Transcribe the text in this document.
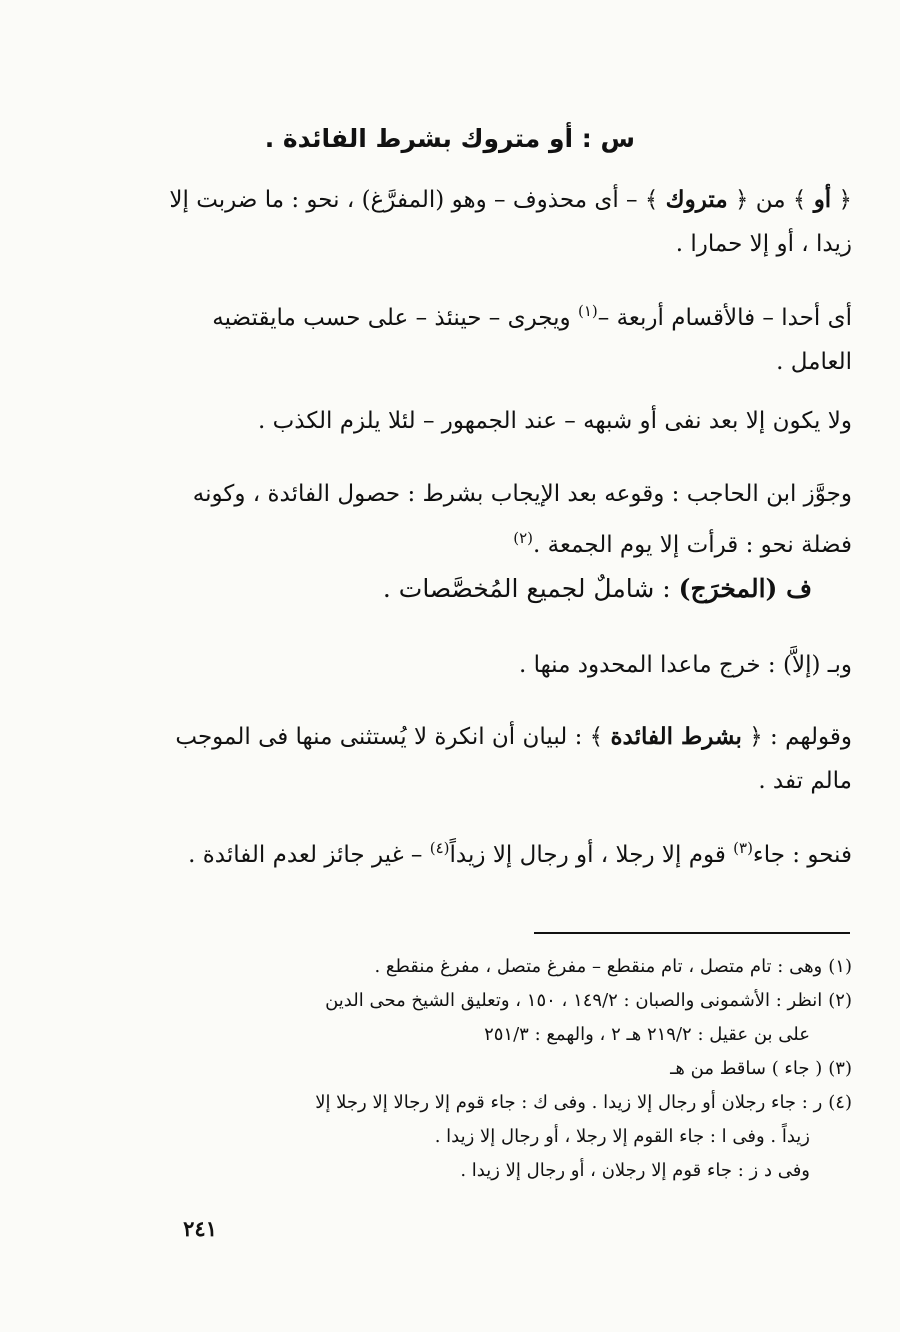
س : أو متروك بشرط الفائدة .

﴿ أو ﴾ من ﴿ متروك ﴾ – أى محذوف – وهو (المفرَّغ) ، نحو : ما ضربت إلا زيدا ، أو إلا حمارا .

أى أحدا – فالأقسام أربعة –$^{(١)}$ ويجرى – حينئذ – على حسب مايقتضيه العامل .

ولا يكون إلا بعد نفى أو شبهه – عند الجمهور – لئلا يلزم الكذب .

وجوَّز ابن الحاجب : وقوعه بعد الإيجاب بشرط : حصول الفائدة ، وكونه فضلة نحو : قرأت إلا يوم الجمعة .$^{(٢)}$

ف (المخرَج) : شاملٌ لجميع المُخصَّصات .

وبـ (إلاَّ) : خرج ماعدا المحدود منها .

وقولهم : ﴿ بشرط الفائدة ﴾ : لبيان أن انكرة لا يُستثنى منها فى الموجب مالم تفد .

فنحو : جاء$^{(٣)}$ قوم إلا رجلا ، أو رجال إلا زيداً$^{(٤)}$ – غير جائز لعدم الفائدة .

(١)وهى : تام متصل ، تام منقطع – مفرغ متصل ، مفرغ منقطع .

(٢)انظر : الأشمونى والصبان : ١٤٩/٢ ، ١٥٠ ، وتعليق الشيخ محى الدين

على بن عقيل : ٢١٩/٢ هـ ٢ ، والهمع : ٢٥١/٣

(٣)( جاء ) ساقط من هـ

(٤)ر : جاء رجلان أو رجال إلا زيدا . وفى ك : جاء قوم إلا رجالا إلا رجلا إلا

زيداً . وفى ا : جاء القوم إلا رجلا ، أو رجال إلا زيدا .

وفى د ز : جاء قوم إلا رجلان ، أو رجال إلا زيدا .

٢٤١
